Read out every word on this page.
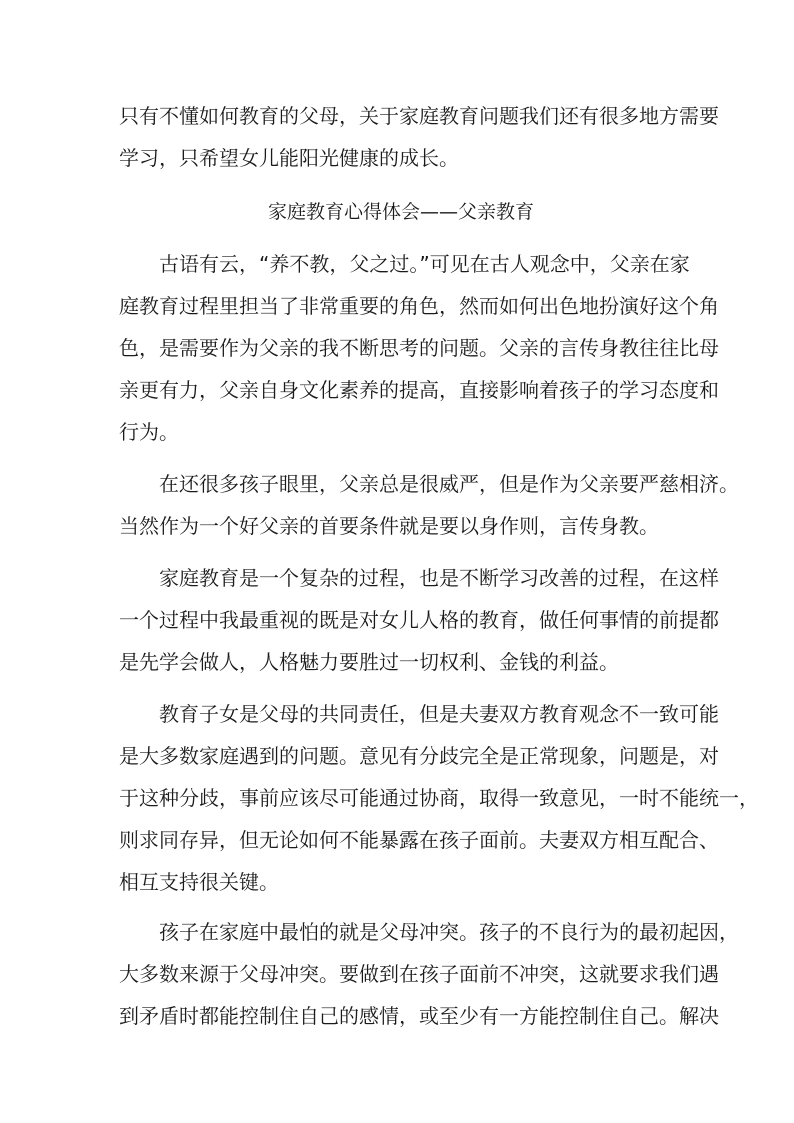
只有不懂如何教育的父母，关于家庭教育问题我们还有很多地方需要
学习，只希望女儿能阳光健康的成长。
家庭教育心得体会——父亲教育
古语有云，“养不教，父之过。”可见在古人观念中，父亲在家
庭教育过程里担当了非常重要的角色，然而如何出色地扮演好这个角
色，是需要作为父亲的我不断思考的问题。父亲的言传身教往往比母
亲更有力，父亲自身文化素养的提高，直接影响着孩子的学习态度和
行为。
在还很多孩子眼里，父亲总是很威严，但是作为父亲要严慈相济。
当然作为一个好父亲的首要条件就是要以身作则，言传身教。
家庭教育是一个复杂的过程，也是不断学习改善的过程，在这样
一个过程中我最重视的既是对女儿人格的教育，做任何事情的前提都
是先学会做人，人格魅力要胜过一切权利、金钱的利益。
教育子女是父母的共同责任，但是夫妻双方教育观念不一致可能
是大多数家庭遇到的问题。意见有分歧完全是正常现象，问题是，对
于这种分歧，事前应该尽可能通过协商，取得一致意见，一时不能统一，
则求同存异，但无论如何不能暴露在孩子面前。夫妻双方相互配合、
相互支持很关键。
孩子在家庭中最怕的就是父母冲突。孩子的不良行为的最初起因，
大多数来源于父母冲突。要做到在孩子面前不冲突，这就要求我们遇
到矛盾时都能控制住自己的感情，或至少有一方能控制住自己。解决
